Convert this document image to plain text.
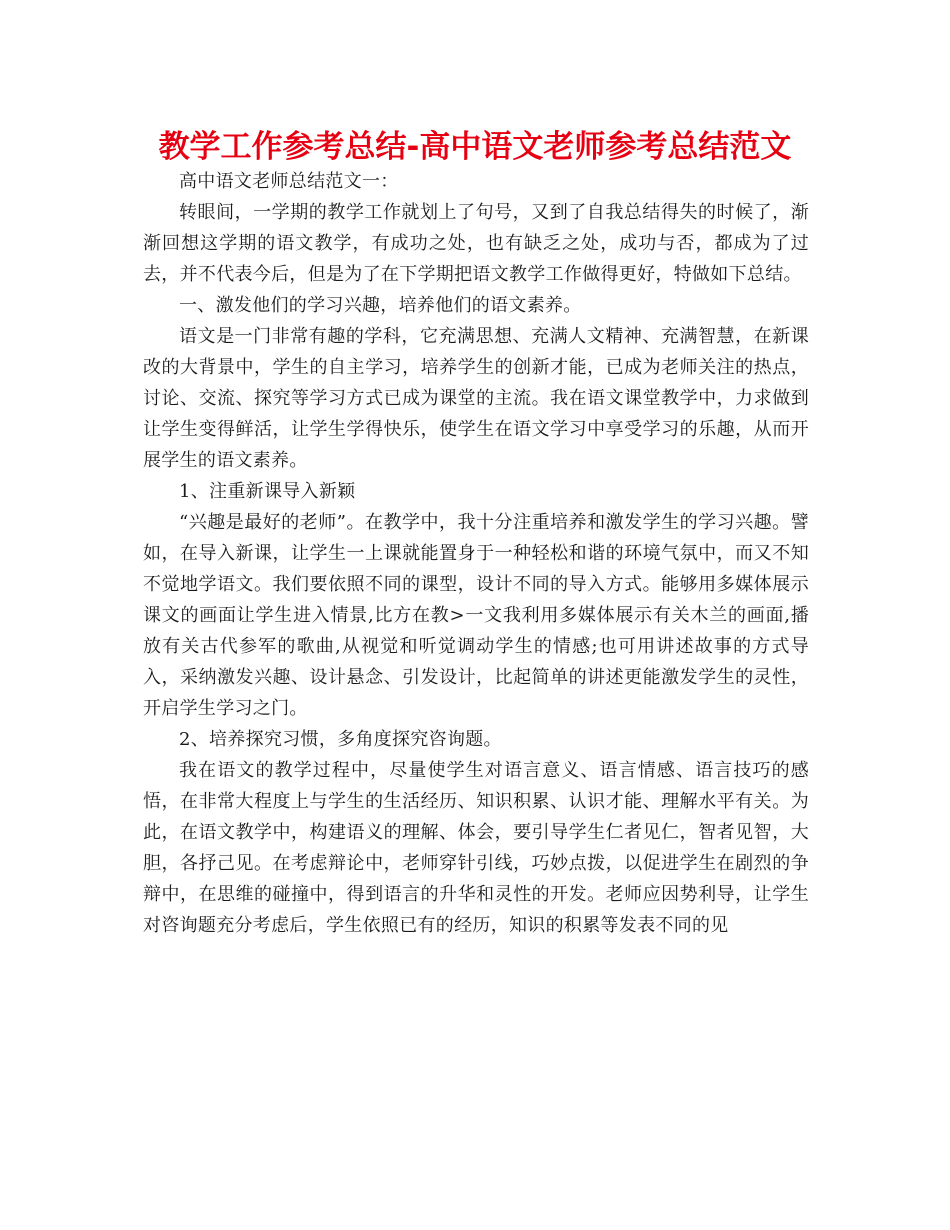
教学工作参考总结-高中语文老师参考总结范文

高中语文老师总结范文一：

转眼间，一学期的教学工作就划上了句号，又到了自我总结得失的时候了，渐渐回想这学期的语文教学，有成功之处，也有缺乏之处，成功与否，都成为了过去，并不代表今后，但是为了在下学期把语文教学工作做得更好，特做如下总结。

一、激发他们的学习兴趣，培养他们的语文素养。

语文是一门非常有趣的学科，它充满思想、充满人文精神、充满智慧，在新课改的大背景中，学生的自主学习，培养学生的创新才能，已成为老师关注的热点，讨论、交流、探究等学习方式已成为课堂的主流。我在语文课堂教学中，力求做到让学生变得鲜活，让学生学得快乐，使学生在语文学习中享受学习的乐趣，从而开展学生的语文素养。

1、注重新课导入新颖

“兴趣是最好的老师”。在教学中，我十分注重培养和激发学生的学习兴趣。譬如，在导入新课，让学生一上课就能置身于一种轻松和谐的环境气氛中，而又不知不觉地学语文。我们要依照不同的课型，设计不同的导入方式。能够用多媒体展示课文的画面让学生进入情景,比方在教>一文我利用多媒体展示有关木兰的画面,播放有关古代参军的歌曲,从视觉和听觉调动学生的情感;也可用讲述故事的方式导入，采纳激发兴趣、设计悬念、引发设计，比起简单的讲述更能激发学生的灵性，开启学生学习之门。

2、培养探究习惯，多角度探究咨询题。

我在语文的教学过程中，尽量使学生对语言意义、语言情感、语言技巧的感悟，在非常大程度上与学生的生活经历、知识积累、认识才能、理解水平有关。为此，在语文教学中，构建语义的理解、体会，要引导学生仁者见仁，智者见智，大胆，各抒己见。在考虑辩论中，老师穿针引线，巧妙点拨，以促进学生在剧烈的争辩中，在思维的碰撞中，得到语言的升华和灵性的开发。老师应因势利导，让学生对咨询题充分考虑后，学生依照已有的经历，知识的积累等发表不同的见
